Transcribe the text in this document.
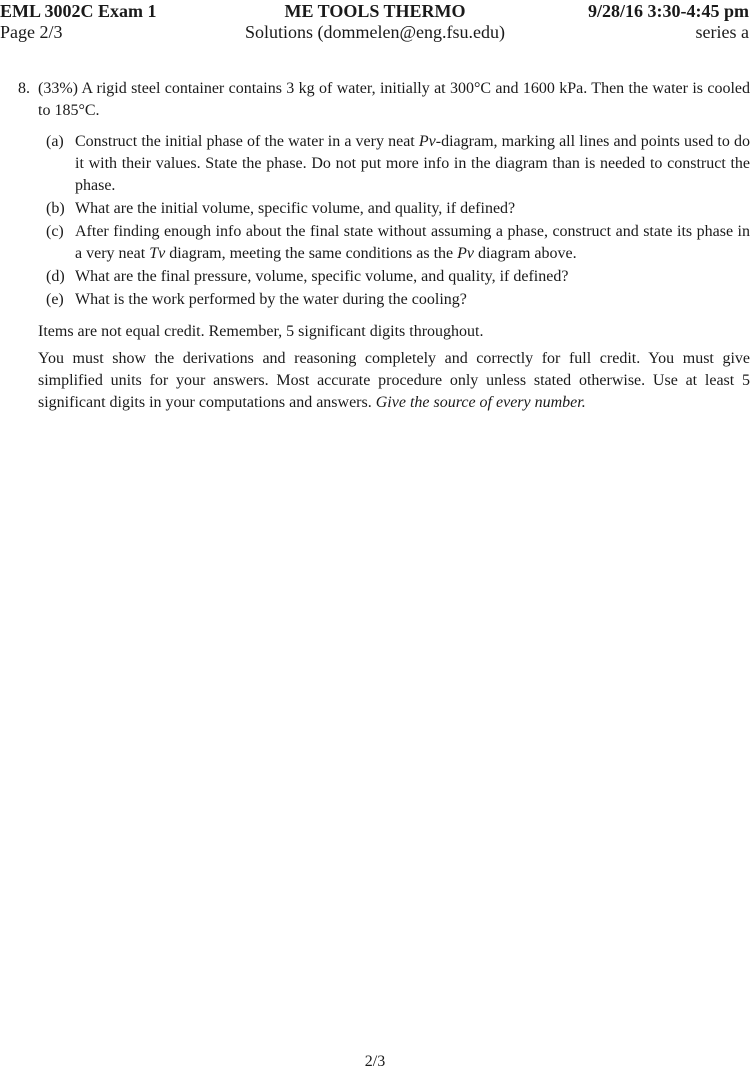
EML 3002C Exam 1
Page 2/3
ME TOOLS THERMO
Solutions (dommelen@eng.fsu.edu)
9/28/16 3:30-4:45 pm
series a
8. (33%) A rigid steel container contains 3 kg of water, initially at 300°C and 1600 kPa. Then the water is cooled to 185°C.

(a) Construct the initial phase of the water in a very neat Pv-diagram, marking all lines and points used to do it with their values. State the phase. Do not put more info in the diagram than is needed to construct the phase.
(b) What are the initial volume, specific volume, and quality, if defined?
(c) After finding enough info about the final state without assuming a phase, construct and state its phase in a very neat Tv diagram, meeting the same conditions as the Pv diagram above.
(d) What are the final pressure, volume, specific volume, and quality, if defined?
(e) What is the work performed by the water during the cooling?

Items are not equal credit. Remember, 5 significant digits throughout.

You must show the derivations and reasoning completely and correctly for full credit. You must give simplified units for your answers. Most accurate procedure only unless stated otherwise. Use at least 5 significant digits in your computations and answers. Give the source of every number.

2/3
